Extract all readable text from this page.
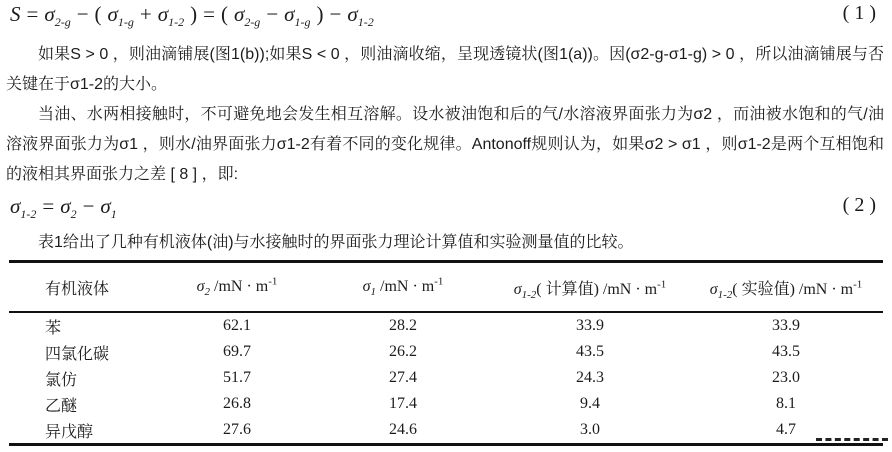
$S = \sigma_{2-g}$ − ( $\sigma_{1-g} + \sigma_{1-2}$ ) = ( $\sigma_{2-g} - \sigma_{1-g}$ ) − $\sigma_{1-2}$	( 1 )

如果S > 0 ，则油滴铺展(图1(b));如果S < 0 ，则油滴收缩，呈现透镜状(图1(a))。因(σ2-g-σ1-g) > 0 ，所以油滴铺展与否关键在于σ1-2的大小。

当油、水两相接触时，不可避免地会发生相互溶解。设水被油饱和后的气/水溶液界面张力为σ2 ，而油被水饱和的气/油溶液界面张力为σ1 ，则水/油界面张力σ1-2有着不同的变化规律。Antonoff规则认为，如果σ2 > σ1 ，则σ1-2是两个互相饱和的液相其界面张力之差 [ 8 ] ，即:

$\sigma_{1-2} = \sigma_2 - \sigma_1$	( 2 )

表1给出了几种有机液体(油)与水接触时的界面张力理论计算值和实验测量值的比较。

有机液体	$\sigma_2$ $/mN \cdot m^{-1}$	$\sigma_1$ $/mN \cdot m^{-1}$	$\sigma_{1-2}$( 计算值) $/mN \cdot m^{-1}$	$\sigma_{1-2}$( 实验值) $/mN \cdot m^{-1}$
苯	62.1	28.2	33.9	33.9
四氯化碳	69.7	26.2	43.5	43.5
氯仿	51.7	27.4	24.3	23.0
乙醚	26.8	17.4	9.4	8.1
异戊醇	27.6	24.6	3.0	4.7
